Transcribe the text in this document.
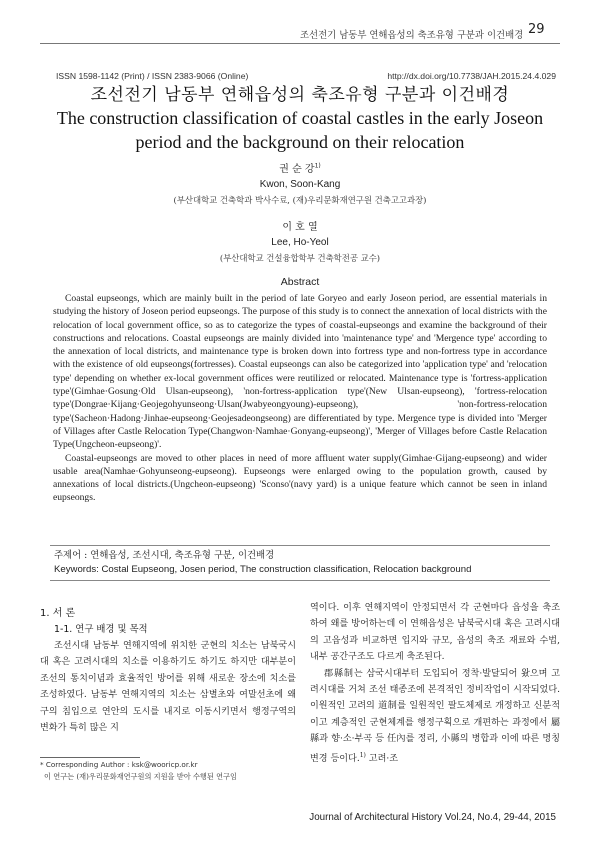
조선전기 남동부 연해읍성의 축조유형 구분과 이건배경 29
ISSN 1598-1142 (Print) / ISSN 2383-9066 (Online)	http://dx.doi.org/10.7738/JAH.2015.24.4.029
조선전기 남동부 연해읍성의 축조유형 구분과 이건배경
The construction classification of coastal castles in the early Joseon period and the background on their relocation
권 순 강$^{1)}$
Kwon, Soon-Kang
(부산대학교 건축학과 박사수료, (재)우리문화재연구원 건축고고과장)
이 호 열
Lee, Ho-Yeol
(부산대학교 건설융합학부 건축학전공 교수)
Abstract

Coastal eupseongs, which are mainly built in the period of late Goryeo and early Joseon period, are essential materials in studying the history of Joseon period eupseongs. The purpose of this study is to connect the annexation of local districts with the relocation of local government office, so as to categorize the types of coastal-eupseongs and examine the background of their constructions and relocations. Coastal eupseongs are mainly divided into 'maintenance type' and 'Mergence type' according to the annexation of local districts, and maintenance type is broken down into fortress type and non-fortress type in accordance with the existence of old eupseongs(fortresses). Coastal eupseongs can also be categorized into 'application type' and 'relocation type' depending on whether ex-local government offices were reutilized or relocated. Maintenance type is 'fortress-application type'(Gimhae·Gosung·Old Ulsan-eupseong), 'non-fortress-application type'(New Ulsan-eupseong), 'fortress-relocation type'(Dongrae·Kijang·Geojegohyunseong·Ulsan(Jwabyeongyoung)-eupseong), 'non-fortress-relocation type'(Sacheon·Hadong·Jinhae-eupseong·Geojesadeongseong) are differentiated by type. Mergence type is divided into 'Merger of Villages after Castle Relocation Type(Changwon·Namhae·Gonyang-eupseong)', 'Merger of Villages before Castle Relacation Type(Ungcheon-eupseong)'.

Coastal-eupseongs are moved to other places in need of more affluent water supply(Gimhae·Gijang-eupseong) and wider usable area(Namhae·Gohyunseong-eupseong). Eupseongs were enlarged owing to the population growth, caused by annexations of local districts.(Ungcheon-eupseong) 'Sconso'(navy yard) is a unique feature which cannot be seen in inland eupseongs.

주제어 : 연해읍성, 조선시대, 축조유형 구분, 이건배경
Keywords: Costal Eupseong, Josen period, The construction classification, Relocation background
1. 서 론
1-1. 연구 배경 및 목적

조선시대 남동부 연해지역에 위치한 군현의 치소는 남북국시대 혹은 고려시대의 치소를 이용하기도 하기도 하지만 대부분이 조선의 통치이념과 효율적인 방어를 위해 새로운 장소에 치소를 조성하였다. 남동부 연해지역의 치소는 삼별초와 여말선초에 왜구의 침입으로 연안의 도시를 내지로 이동시키면서 행정구역의 변화가 특히 많은 지

역이다. 이후 연해지역이 안정되면서 각 군현마다 읍성을 축조하여 왜를 방어하는데 이 연해읍성은 남북국시대 혹은 고려시대의 고읍성과 비교하면 입지와 규모, 읍성의 축조 재료와 수법, 내부 공간구조도 다르게 축조된다.

郡縣制는 삼국시대부터 도입되어 정착·발달되어 왔으며 고려시대를 거쳐 조선 태종조에 본격적인 정비작업이 시작되었다. 이원적인 고려의 道制를 일원적인 팔도체제로 개정하고 신분적이고 계층적인 군현체계를 행정구획으로 개편하는 과정에서 屬縣과 향·소·부곡 등 任內를 정리, 小縣의 병합과 이에 따른 명칭변경 등이다.$^{1)}$ 고려·조

* Corresponding Author : ksk@wooricp.or.kr
이 연구는 (재)우리문화재연구원의 지원을 받아 수행된 연구임
Journal of Architectural History Vol.24, No.4, 29-44, 2015
